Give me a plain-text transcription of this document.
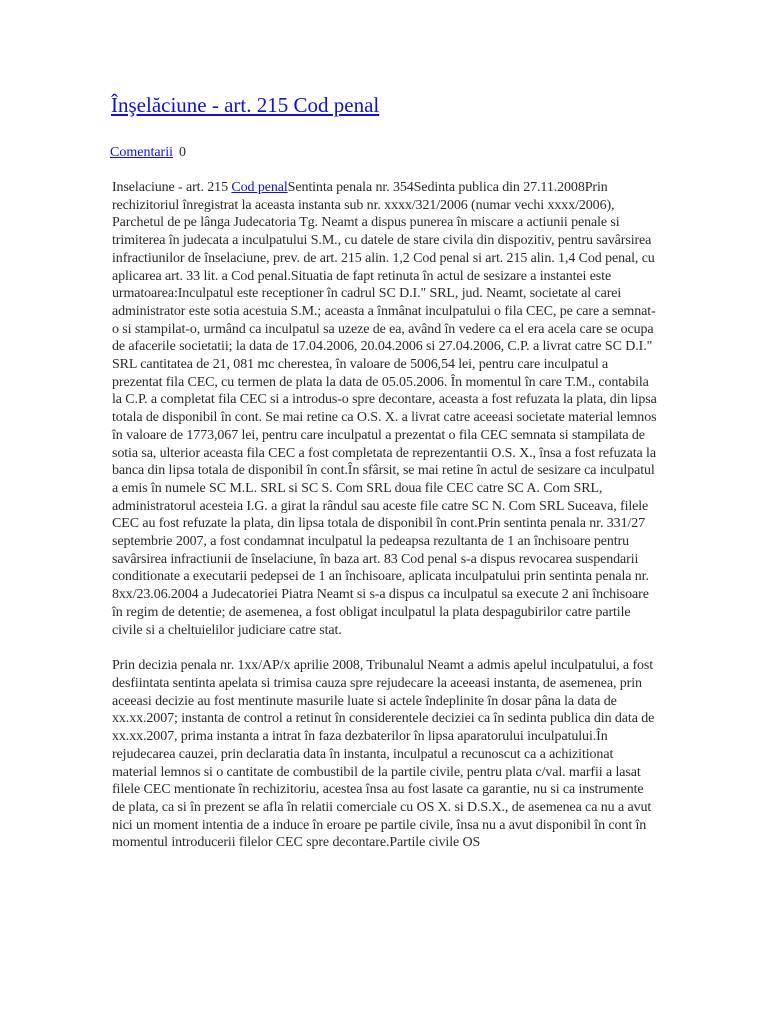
Înşelăciune - art. 215 Cod penal
Comentarii 0

Inselaciune - art. 215 Cod penalSentinta penala nr. 354Sedinta publica din 27.11.2008Prin rechizitoriul înregistrat la aceasta instanta sub nr. xxxx/321/2006 (numar vechi xxxx/2006), Parchetul de pe lânga Judecatoria Tg. Neamt a dispus punerea în miscare a actiunii penale si trimiterea în judecata a inculpatului S.M., cu datele de stare civila din dispozitiv, pentru savârsirea infractiunilor de înselaciune, prev. de art. 215 alin. 1,2 Cod penal si art. 215 alin. 1,4 Cod penal, cu aplicarea art. 33 lit. a Cod penal.Situatia de fapt retinuta în actul de sesizare a instantei este urmatoarea:Inculpatul este receptioner în cadrul SC D.I." SRL, jud. Neamt, societate al carei administrator este sotia acestuia S.M.; aceasta a înmânat inculpatului o fila CEC, pe care a semnat-o si stampilat-o, urmând ca inculpatul sa uzeze de ea, având în vedere ca el era acela care se ocupa de afacerile societatii; la data de 17.04.2006, 20.04.2006 si 27.04.2006, C.P. a livrat catre SC D.I." SRL cantitatea de 21, 081 mc cherestea, în valoare de 5006,54 lei, pentru care inculpatul a prezentat fila CEC, cu termen de plata la data de 05.05.2006. În momentul în care T.M., contabila la C.P. a completat fila CEC si a introdus-o spre decontare, aceasta a fost refuzata la plata, din lipsa totala de disponibil în cont. Se mai retine ca O.S. X. a livrat catre aceeasi societate material lemnos în valoare de 1773,067 lei, pentru care inculpatul a prezentat o fila CEC semnata si stampilata de sotia sa, ulterior aceasta fila CEC a fost completata de reprezentantii O.S. X., însa a fost refuzata la banca din lipsa totala de disponibil în cont.În sfârsit, se mai retine în actul de sesizare ca inculpatul a emis în numele SC M.L. SRL si SC S. Com SRL doua file CEC catre SC A. Com SRL, administratorul acesteia I.G. a girat la rândul sau aceste file catre SC N. Com SRL Suceava, filele CEC au fost refuzate la plata, din lipsa totala de disponibil în cont.Prin sentinta penala nr. 331/27 septembrie 2007, a fost condamnat inculpatul la pedeapsa rezultanta de 1 an închisoare pentru savârsirea infractiunii de înselaciune, în baza art. 83 Cod penal s-a dispus revocarea suspendarii conditionate a executarii pedepsei de 1 an închisoare, aplicata inculpatului prin sentinta penala nr. 8xx/23.06.2004 a Judecatoriei Piatra Neamt si s-a dispus ca inculpatul sa execute 2 ani închisoare în regim de detentie; de asemenea, a fost obligat inculpatul la plata despagubirilor catre partile civile si a cheltuielilor judiciare catre stat.

Prin decizia penala nr. 1xx/AP/x aprilie 2008, Tribunalul Neamt a admis apelul inculpatului, a fost desfiintata sentinta apelata si trimisa cauza spre rejudecare la aceeasi instanta, de asemenea, prin aceeasi decizie au fost mentinute masurile luate si actele îndeplinite în dosar pâna la data de xx.xx.2007; instanta de control a retinut în considerentele deciziei ca în sedinta publica din data de xx.xx.2007, prima instanta a intrat în faza dezbaterilor în lipsa aparatorului inculpatului.În rejudecarea cauzei, prin declaratia data în instanta, inculpatul a recunoscut ca a achizitionat material lemnos si o cantitate de combustibil de la partile civile, pentru plata c/val. marfii a lasat filele CEC mentionate în rechizitoriu, acestea însa au fost lasate ca garantie, nu si ca instrumente de plata, ca si în prezent se afla în relatii comerciale cu OS X. si D.S.X., de asemenea ca nu a avut nici un moment intentia de a induce în eroare pe partile civile, însa nu a avut disponibil în cont în momentul introducerii filelor CEC spre decontare.Partile civile OS
